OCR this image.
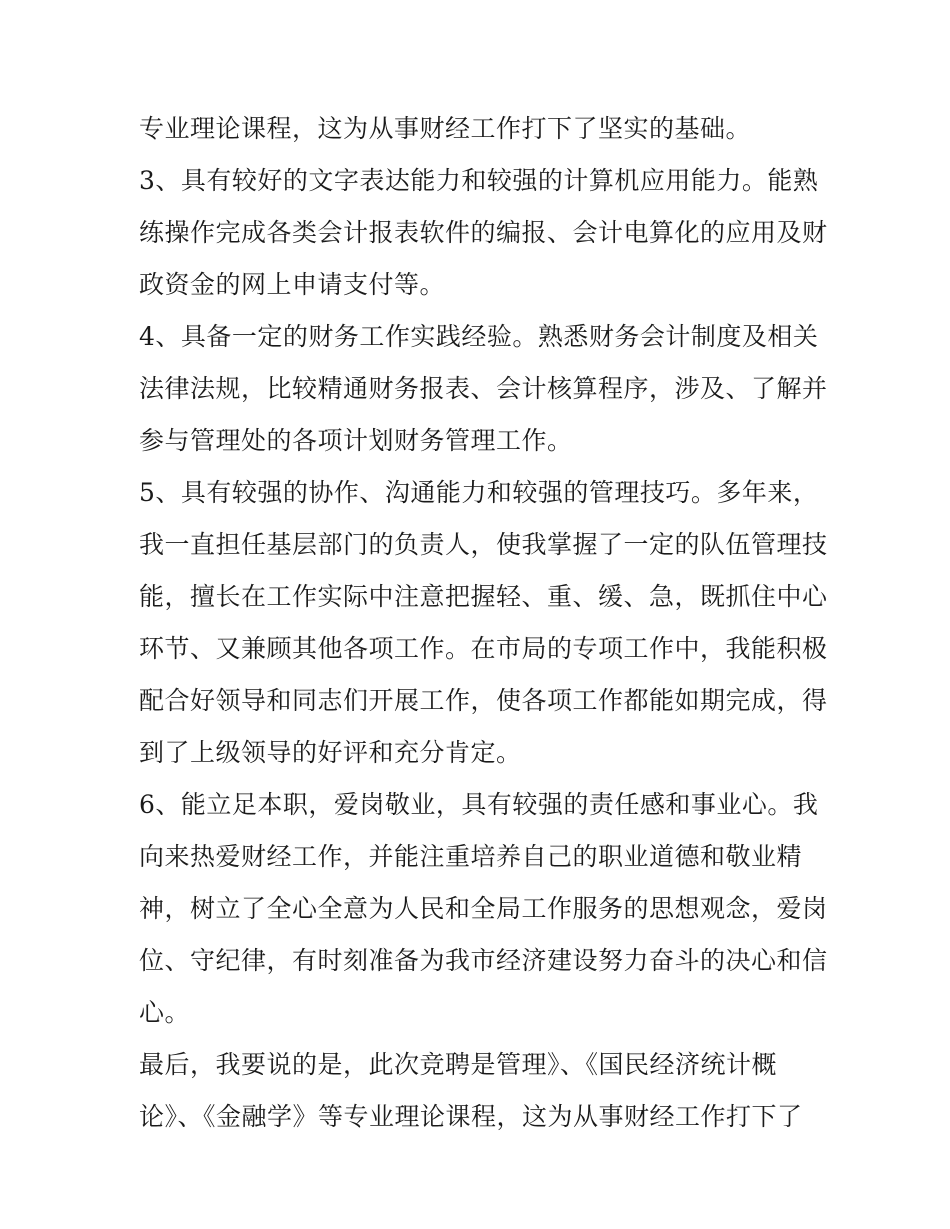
专业理论课程，这为从事财经工作打下了坚实的基础。
3、具有较好的文字表达能力和较强的计算机应用能力。能熟
练操作完成各类会计报表软件的编报、会计电算化的应用及财
政资金的网上申请支付等。
4、具备一定的财务工作实践经验。熟悉财务会计制度及相关
法律法规，比较精通财务报表、会计核算程序，涉及、了解并
参与管理处的各项计划财务管理工作。
5、具有较强的协作、沟通能力和较强的管理技巧。多年来，
我一直担任基层部门的负责人，使我掌握了一定的队伍管理技
能，擅长在工作实际中注意把握轻、重、缓、急，既抓住中心
环节、又兼顾其他各项工作。在市局的专项工作中，我能积极
配合好领导和同志们开展工作，使各项工作都能如期完成，得
到了上级领导的好评和充分肯定。
6、能立足本职，爱岗敬业，具有较强的责任感和事业心。我
向来热爱财经工作，并能注重培养自己的职业道德和敬业精
神，树立了全心全意为人民和全局工作服务的思想观念，爱岗
位、守纪律，有时刻准备为我市经济建设努力奋斗的决心和信
心。
最后，我要说的是，此次竞聘是管理》、《国民经济统计概
论》、《金融学》等专业理论课程，这为从事财经工作打下了
